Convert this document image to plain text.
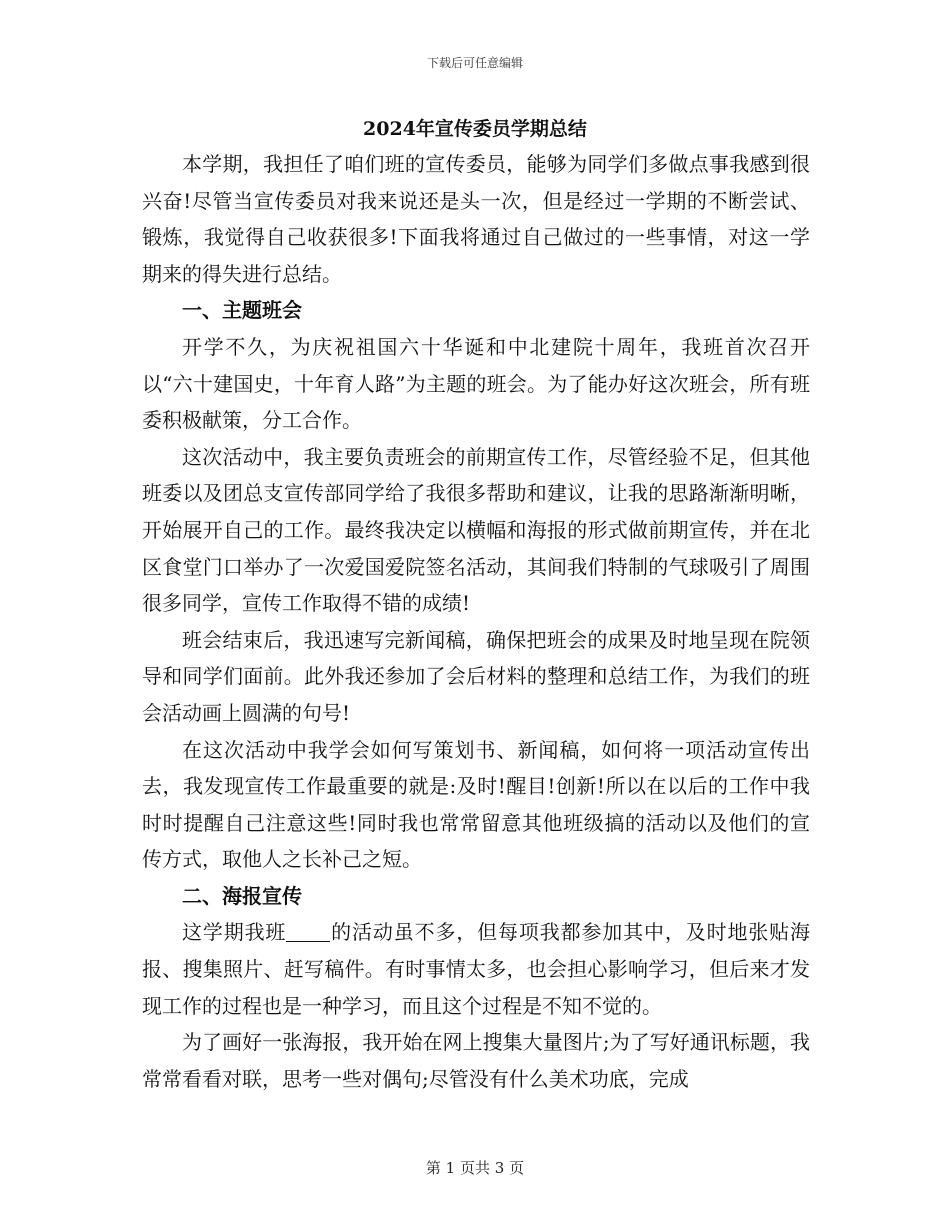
下载后可任意编辑
2024年宣传委员学期总结

本学期，我担任了咱们班的宣传委员，能够为同学们多做点事我感到很兴奋!尽管当宣传委员对我来说还是头一次，但是经过一学期的不断尝试、锻炼，我觉得自己收获很多!下面我将通过自己做过的一些事情，对这一学期来的得失进行总结。

一、主题班会

开学不久，为庆祝祖国六十华诞和中北建院十周年，我班首次召开以“六十建国史，十年育人路”为主题的班会。为了能办好这次班会，所有班委积极献策，分工合作。

这次活动中，我主要负责班会的前期宣传工作，尽管经验不足，但其他班委以及团总支宣传部同学给了我很多帮助和建议，让我的思路渐渐明晰，开始展开自己的工作。最终我决定以横幅和海报的形式做前期宣传，并在北区食堂门口举办了一次爱国爱院签名活动，其间我们特制的气球吸引了周围很多同学，宣传工作取得不错的成绩!

班会结束后，我迅速写完新闻稿，确保把班会的成果及时地呈现在院领导和同学们面前。此外我还参加了会后材料的整理和总结工作，为我们的班会活动画上圆满的句号!

在这次活动中我学会如何写策划书、新闻稿，如何将一项活动宣传出去，我发现宣传工作最重要的就是:及时!醒目!创新!所以在以后的工作中我时时提醒自己注意这些!同时我也常常留意其他班级搞的活动以及他们的宣传方式，取他人之长补己之短。

二、海报宣传

这学期我班 的活动虽不多，但每项我都参加其中，及时地张贴海报、搜集照片、赶写稿件。有时事情太多，也会担心影响学习，但后来才发现工作的过程也是一种学习，而且这个过程是不知不觉的。

为了画好一张海报，我开始在网上搜集大量图片;为了写好通讯标题，我常常看看对联，思考一些对偶句;尽管没有什么美术功底，完成

第 1 页共 3 页
